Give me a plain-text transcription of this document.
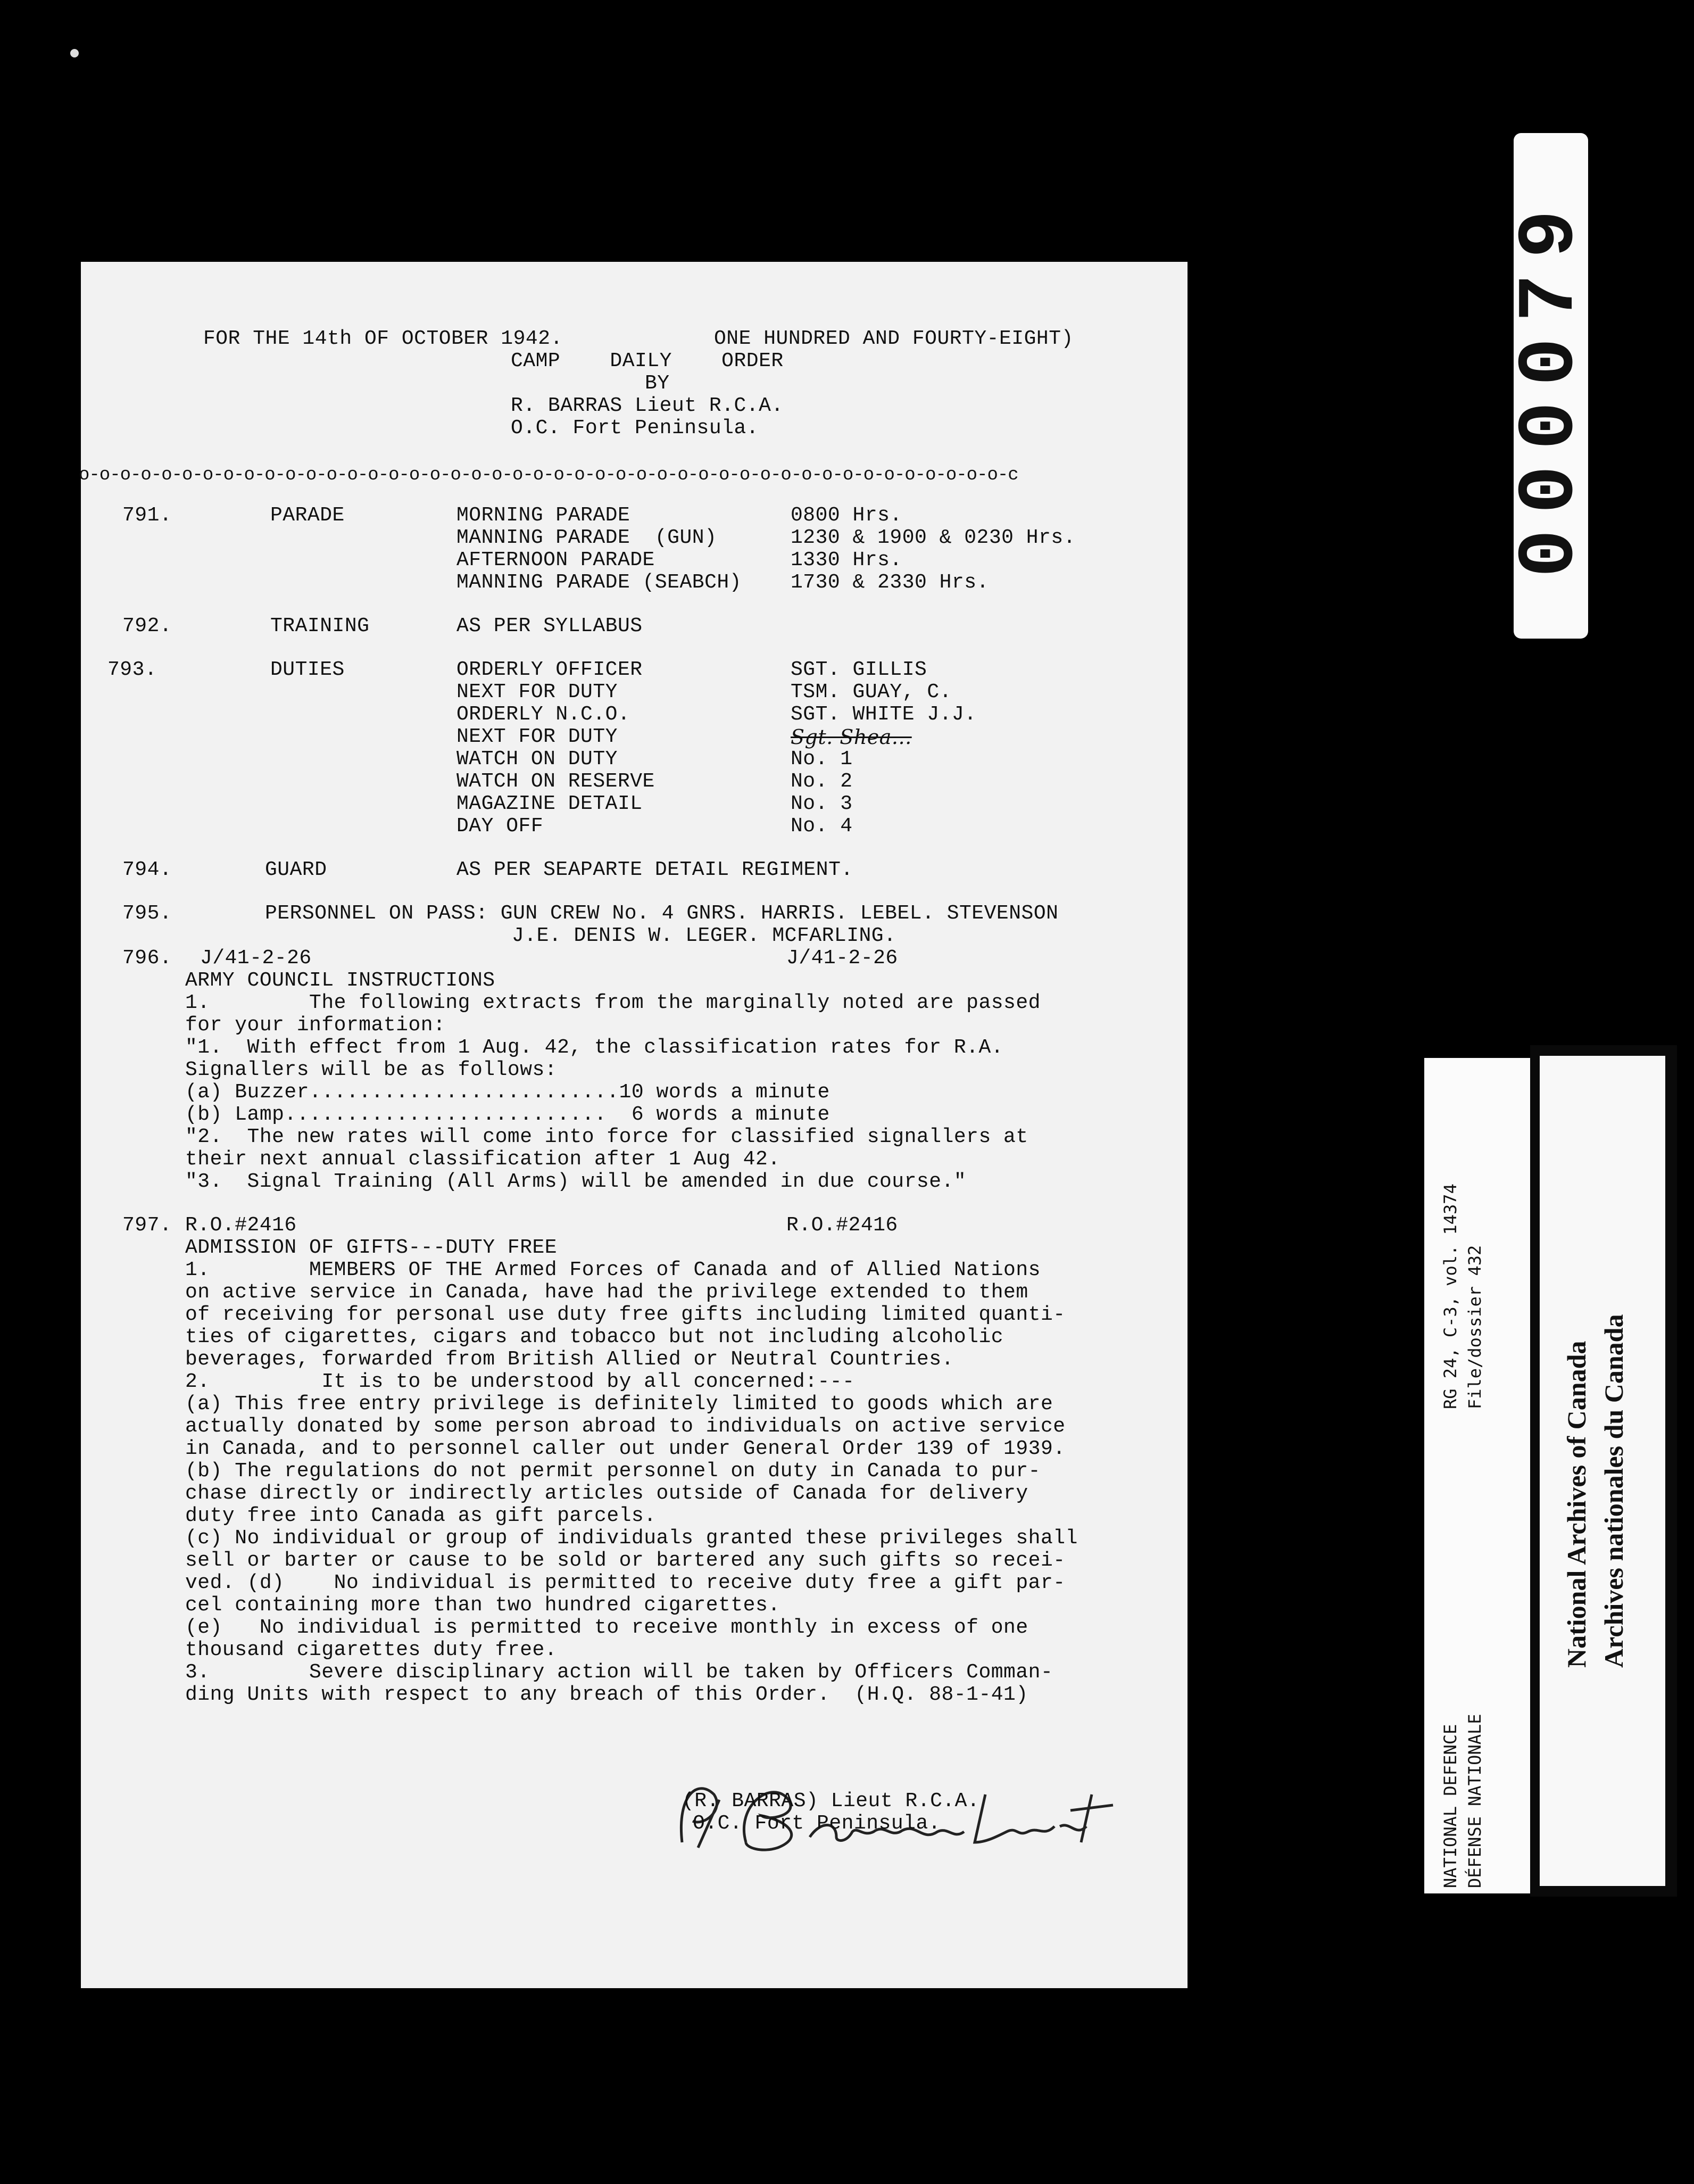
FOR THE 14th OF OCTOBER 1942.	ONE HUNDRED AND FOURTY-EIGHT)
CAMP    DAILY    ORDER
BY
R. BARRAS Lieut R.C.A.
O.C. Fort Peninsula.
o-o-o-o-o-o-o-o-o-o-o-o-o-o-o-o-o-o-o-o-o-o-o-o-o-o-o-o-o-o-o-o-o-o-o-o-o-o-o-o-o-o-o-o-o-c
791.	PARADE	MORNING PARADE	0800 Hrs.
MANNING PARADE  (GUN)	1230 & 1900 & 0230 Hrs.
AFTERNOON PARADE	1330 Hrs.
MANNING PARADE (SEABCH) 1730 & 2330 Hrs.
792.	TRAINING	AS PER SYLLABUS
793.	DUTIES	ORDERLY OFFICER	SGT. GILLIS
NEXT FOR DUTY	TSM. GUAY, C.
ORDERLY N.C.O.	SGT. WHITE J.J.
NEXT FOR DUTY	Sgt. Shea...
WATCH ON DUTY	No. 1
WATCH ON RESERVE	No. 2
MAGAZINE DETAIL	No. 3
DAY OFF	No. 4
794.	GUARD	AS PER SEAPARTE DETAIL REGIMENT.
795.	PERSONNEL ON PASS: GUN CREW No. 4 GNRS. HARRIS. LEBEL. STEVENSON
J.E. DENIS W. LEGER. MCFARLING.
796. J/41-2-26	J/41-2-26
ARMY COUNCIL INSTRUCTIONS
1.        The following extracts from the marginally noted are passed
for your information:
"1.  With effect from 1 Aug. 42, the classification rates for R.A.
Signallers will be as follows:
(a) Buzzer.........................10 words a minute
(b) Lamp..........................  6 words a minute
"2.  The new rates will come into force for classified signallers at
their next annual classification after 1 Aug 42.
"3.  Signal Training (All Arms) will be amended in due course."
797. R.O.#2416	R.O.#2416
ADMISSION OF GIFTS---DUTY FREE
1.        MEMBERS OF THE Armed Forces of Canada and of Allied Nations
on active service in Canada, have had the privilege extended to them
of receiving for personal use duty free gifts including limited quanti-
ties of cigarettes, cigars and tobacco but not including alcoholic
beverages, forwarded from British Allied or Neutral Countries.
2.         It is to be understood by all concerned:---
(a) This free entry privilege is definitely limited to goods which are
actually donated by some person abroad to individuals on active service
in Canada, and to personnel caller out under General Order 139 of 1939.
(b) The regulations do not permit personnel on duty in Canada to pur-
chase directly or indirectly articles outside of Canada for delivery
duty free into Canada as gift parcels.
(c) No individual or group of individuals granted these privileges shall
sell or barter or cause to be sold or bartered any such gifts so recei-
ved. (d)    No individual is permitted to receive duty free a gift par-
cel containing more than two hundred cigarettes.
(e)   No individual is permitted to receive monthly in excess of one
thousand cigarettes duty free.
3.        Severe disciplinary action will be taken by Officers Comman-
ding Units with respect to any breach of this Order.  (H.Q. 88-1-41)
(R. BARRAS) Lieut R.C.A.
O.C. Fort Peninsula.
000079
RG 24, C-3, vol. 14374 File/dossier 432
NATIONAL DEFENCE DÉFENSE NATIONALE
National Archives of Canada Archives nationales du Canada
